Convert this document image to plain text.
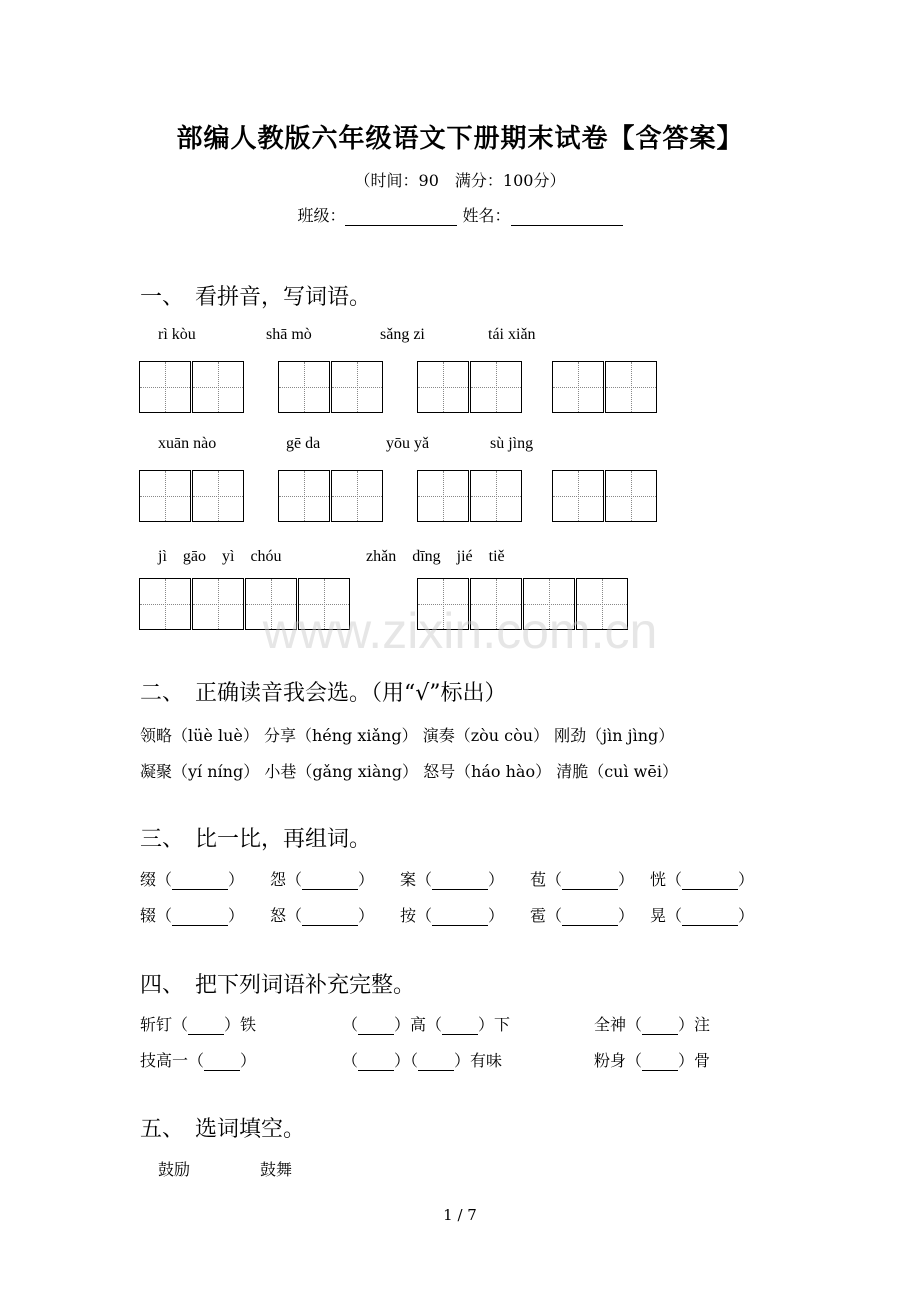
部编人教版六年级语文下册期末试卷【含答案】
（时间：90　满分：100分）
班级：	姓名：
一、　看拼音，写词语。
rì kòu	shā mò	sǎng zi	tái xiǎn
xuān nào	gē da	yōu yǎ	sù jìng
jì　gāo　yì　chóu	zhǎn　dīng　jié　tiě
www.zixin.com.cn
二、　正确读音我会选。（用“√”标出）
领略（lüè luè） 分享（héng xiǎng） 演奏（zòu còu） 刚劲（jìn jìng）
凝聚（yí níng） 小巷（gǎng xiàng） 怒号（háo hào） 清脆（cuì wēi）
三、　比一比，再组词。
缀（	） 怨（	） 案（	） 苞（	） 恍（	）
辍（	） 怒（	） 按（	） 雹（	） 晃（	）
四、　把下列词语补充完整。
斩钉（ ）铁	（ ）高（ ）下	全神（ ）注
技高一（ ）	（ ）（ ）有味	粉身（ ）骨
五、　选词填空。
鼓励	鼓舞
1 / 7
